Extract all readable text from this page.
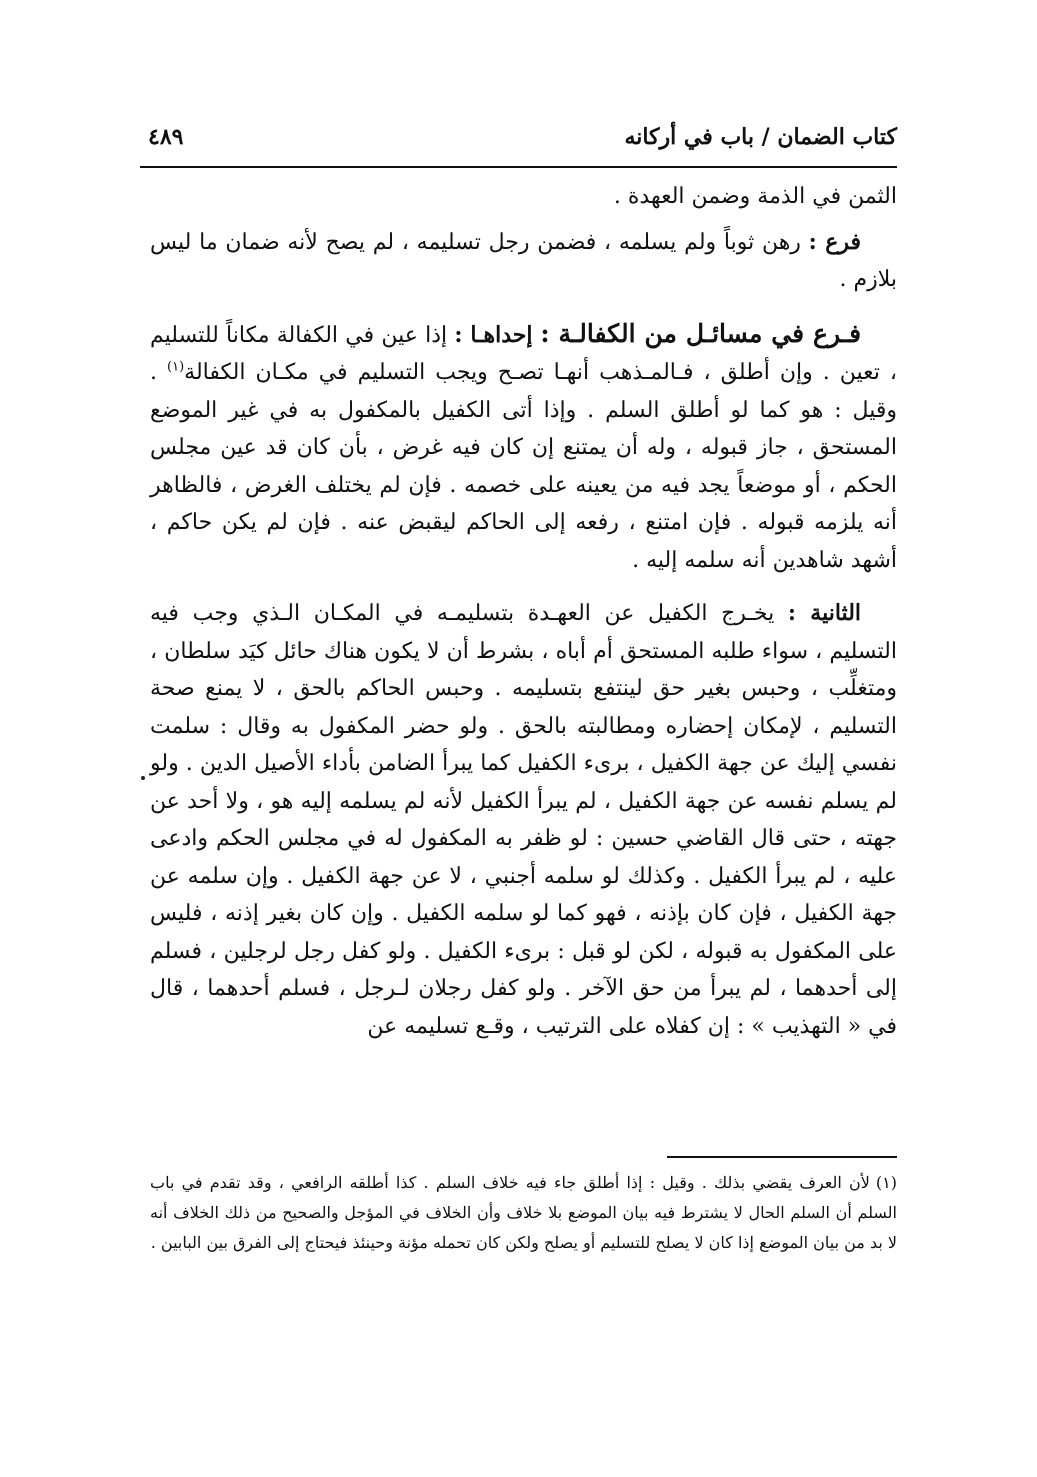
كتاب الضمان / باب في أركانه
٤٨٩

الثمن في الذمة وضمن العهدة .

فرع : رهن ثوباً ولم يسلمه ، فضمن رجل تسليمه ، لم يصح لأنه ضمان ما ليس بلازم .

فـرع في مسائـل من الكفالـة : إحداهـا : إذا عين في الكفالة مكاناً للتسليم ، تعين . وإن أطلق ، فـالمـذهب أنهـا تصـح ويجب التسليم في مكـان الكفالة$^{(١)}$ . وقيل : هو كما لو أطلق السلم . وإذا أتى الكفيل بالمكفول به في غير الموضع المستحق ، جاز قبوله ، وله أن يمتنع إن كان فيه غرض ، بأن كان قد عين مجلس الحكم ، أو موضعاً يجد فيه من يعينه على خصمه . فإن لم يختلف الغرض ، فالظاهر أنه يلزمه قبوله . فإن امتنع ، رفعه إلى الحاكم ليقبض عنه . فإن لم يكن حاكم ، أشهد شاهدين أنه سلمه إليه .

الثانية : يخـرج الكفيل عن العهـدة بتسليمـه في المكـان الـذي وجب فيه التسليم ، سواء طلبه المستحق أم أباه ، بشرط أن لا يكون هناك حائل كيَد سلطان ، ومتغلِّب ، وحبس بغير حق لينتفع بتسليمه . وحبس الحاكم بالحق ، لا يمنع صحة التسليم ، لإمكان إحضاره ومطالبته بالحق . ولو حضر المكفول به وقال : سلمت نفسي إليك عن جهة الكفيل ، برىء الكفيل كما يبرأ الضامن بأداء الأصيل الدين . ولو لم يسلم نفسه عن جهة الكفيل ، لم يبرأ الكفيل لأنه لم يسلمه إليه هو ، ولا أحد عن جهته ، حتى قال القاضي حسين : لو ظفر به المكفول له في مجلس الحكم وادعى عليه ، لم يبرأ الكفيل . وكذلك لو سلمه أجنبي ، لا عن جهة الكفيل . وإن سلمه عن جهة الكفيل ، فإن كان بإذنه ، فهو كما لو سلمه الكفيل . وإن كان بغير إذنه ، فليس على المكفول به قبوله ، لكن لو قبل : برىء الكفيل . ولو كفل رجل لرجلين ، فسلم إلى أحدهما ، لم يبرأ من حق الآخر . ولو كفل رجلان لـرجل ، فسلم أحدهما ، قال في « التهذيب » : إن كفلاه على الترتيب ، وقـع تسليمه عن

(١)لأن العرف يقضي بذلك . وقيل : إذا أطلق جاء فيه خلاف السلم . كذا أطلقه الرافعي ، وقد تقدم في باب السلم أن السلم الحال لا يشترط فيه بيان الموضع بلا خلاف وأن الخلاف في المؤجل والصحيح من ذلك الخلاف أنه لا بد من بيان الموضع إذا كان لا يصلح للتسليم أو يصلح ولكن كان تحمله مؤنة وحينئذ فيحتاج إلى الفرق بين البابين .
